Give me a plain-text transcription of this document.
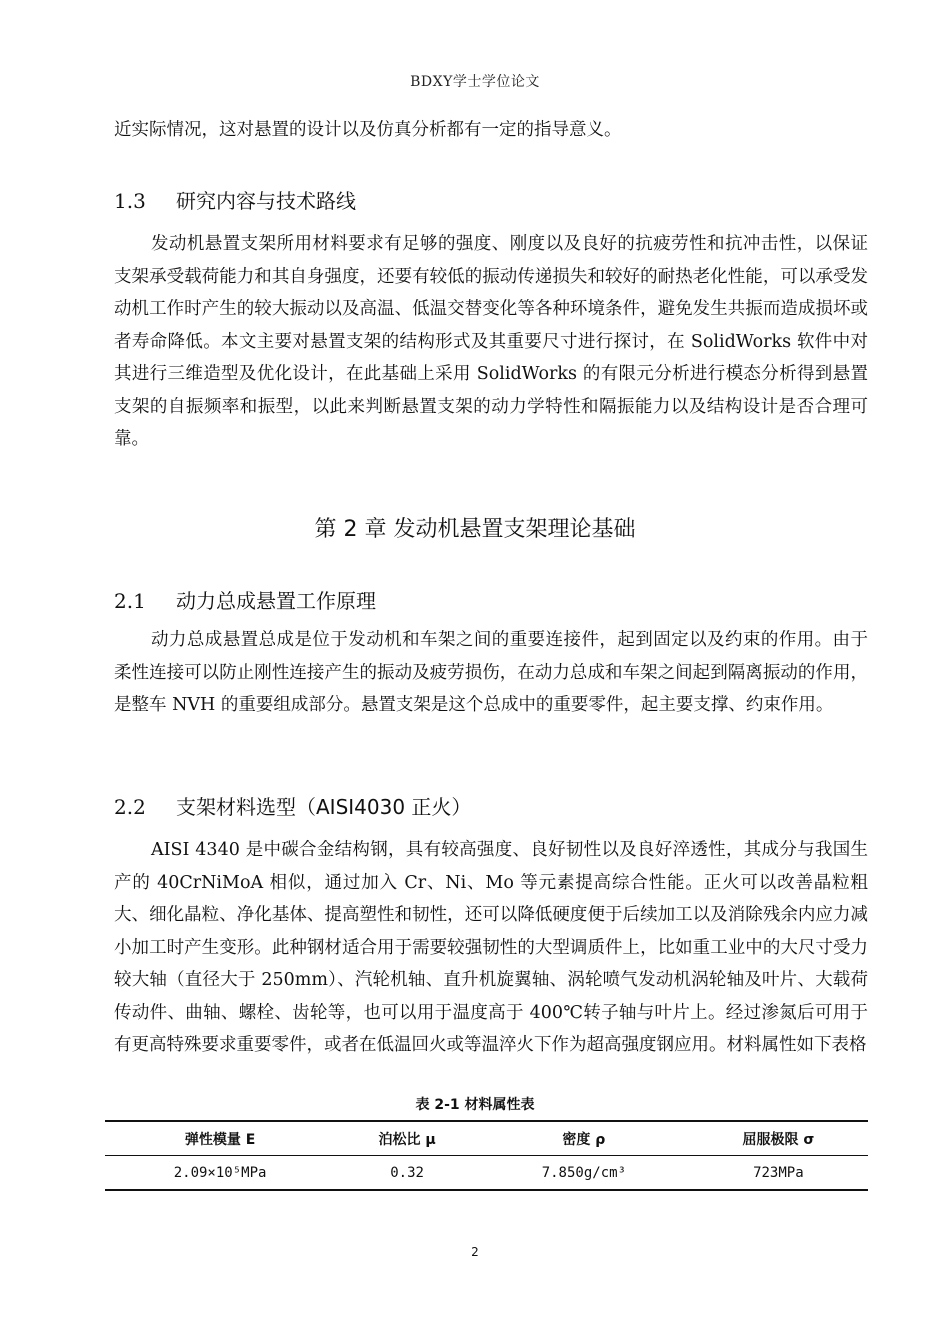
BDXY学士学位论文
近实际情况，这对悬置的设计以及仿真分析都有一定的指导意义。
1.3 研究内容与技术路线
发动机悬置支架所用材料要求有足够的强度、刚度以及良好的抗疲劳性和抗冲击性，以保证支架承受载荷能力和其自身强度，还要有较低的振动传递损失和较好的耐热老化性能，可以承受发动机工作时产生的较大振动以及高温、低温交替变化等各种环境条件，避免发生共振而造成损坏或者寿命降低。本文主要对悬置支架的结构形式及其重要尺寸进行探讨，在 SolidWorks 软件中对其进行三维造型及优化设计，在此基础上采用 SolidWorks 的有限元分析进行模态分析得到悬置支架的自振频率和振型，以此来判断悬置支架的动力学特性和隔振能力以及结构设计是否合理可靠。
第 2 章 发动机悬置支架理论基础
2.1 动力总成悬置工作原理
动力总成悬置总成是位于发动机和车架之间的重要连接件，起到固定以及约束的作用。由于柔性连接可以防止刚性连接产生的振动及疲劳损伤，在动力总成和车架之间起到隔离振动的作用，是整车 NVH 的重要组成部分。悬置支架是这个总成中的重要零件，起主要支撑、约束作用。
2.2 支架材料选型（AISI4030 正火）
AISI 4340 是中碳合金结构钢，具有较高强度、良好韧性以及良好淬透性，其成分与我国生产的 40CrNiMoA 相似，通过加入 Cr、Ni、Mo 等元素提高综合性能。正火可以改善晶粒粗大、细化晶粒、净化基体、提高塑性和韧性，还可以降低硬度便于后续加工以及消除残余内应力减小加工时产生变形。此种钢材适合用于需要较强韧性的大型调质件上，比如重工业中的大尺寸受力较大轴（直径大于 250mm）、汽轮机轴、直升机旋翼轴、涡轮喷气发动机涡轮轴及叶片、大载荷传动件、曲轴、螺栓、齿轮等，也可以用于温度高于 400℃转子轴与叶片上。经过渗氮后可用于有更高特殊要求重要零件，或者在低温回火或等温淬火下作为超高强度钢应用。材料属性如下表格
表 2-1 材料属性表
弹性模量 E	泊松比 μ	密度 ρ	屈服极限 σ
2.09×10⁵MPa	0.32	7.850g/cm³	723MPa
2
